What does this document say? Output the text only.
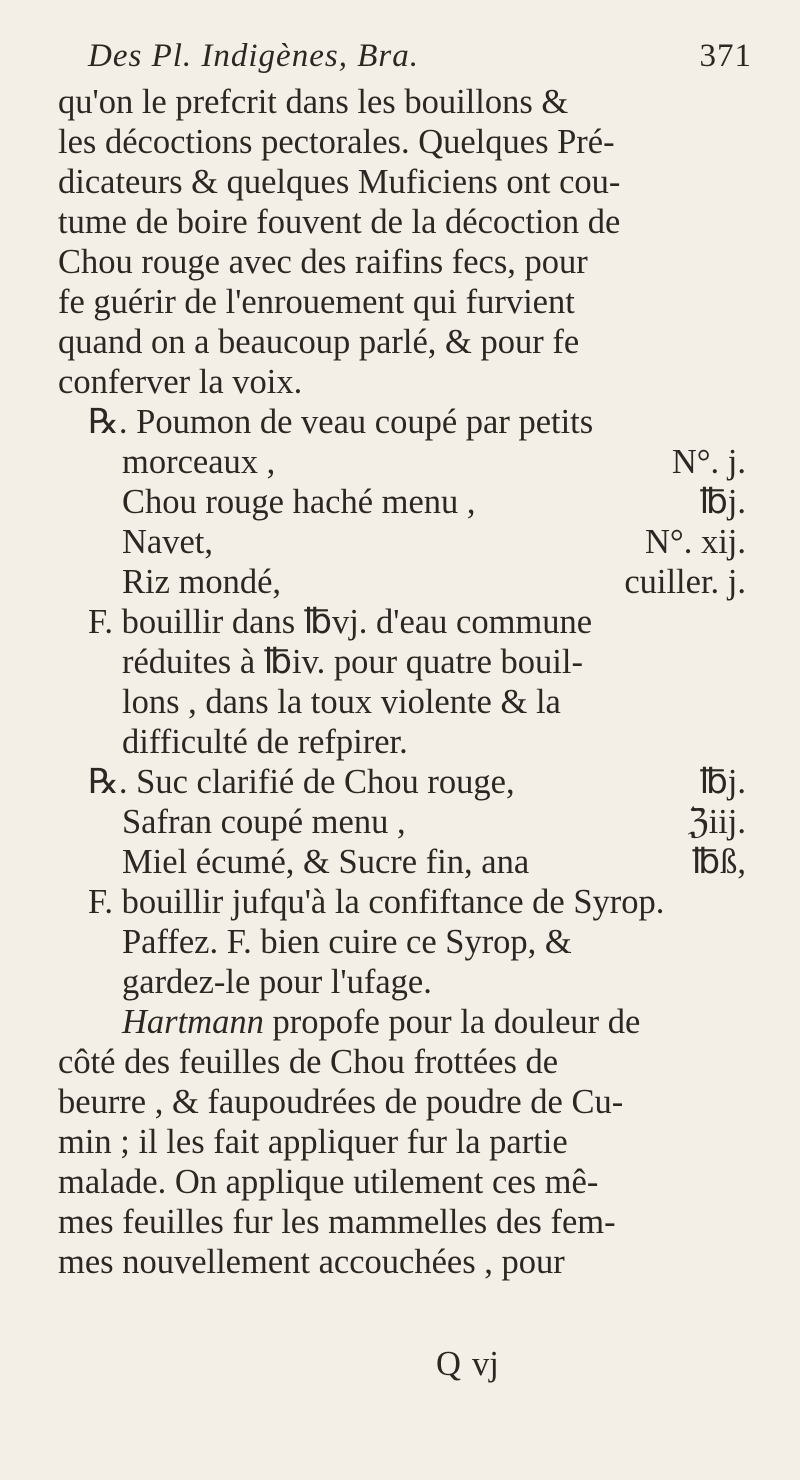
Des Pl. Indigènes, Bra.	371
qu'on le prefcrit dans les bouillons &
les décoctions pectorales. Quelques Pré-
dicateurs & quelques Muficiens ont cou-
tume de boire fouvent de la décoction de
Chou rouge avec des raifins fecs, pour
fe guérir de l'enrouement qui furvient
quand on a beaucoup parlé, & pour fe
conferver la voix.
℞. Poumon de veau coupé par petits
morceaux ,	N°. j.
Chou rouge haché menu ,	℔j.
Navet,	N°. xij.
Riz mondé,	cuiller. j.
F. bouillir dans ℔vj. d'eau commune
réduites à ℔iv. pour quatre bouil-
lons , dans la toux violente & la
difficulté de refpirer.
℞. Suc clarifié de Chou rouge,	℔j.
Safran coupé menu ,	ℨiij.
Miel écumé, & Sucre fin, ana	℔ß,
F. bouillir jufqu'à la confiftance de Syrop.
Paffez. F. bien cuire ce Syrop, &
gardez-le pour l'ufage.
Hartmann propofe pour la douleur de
côté des feuilles de Chou frottées de
beurre , & faupoudrées de poudre de Cu-
min ; il les fait appliquer fur la partie
malade. On applique utilement ces mê-
mes feuilles fur les mammelles des fem-
mes nouvellement accouchées , pour
Q vj
